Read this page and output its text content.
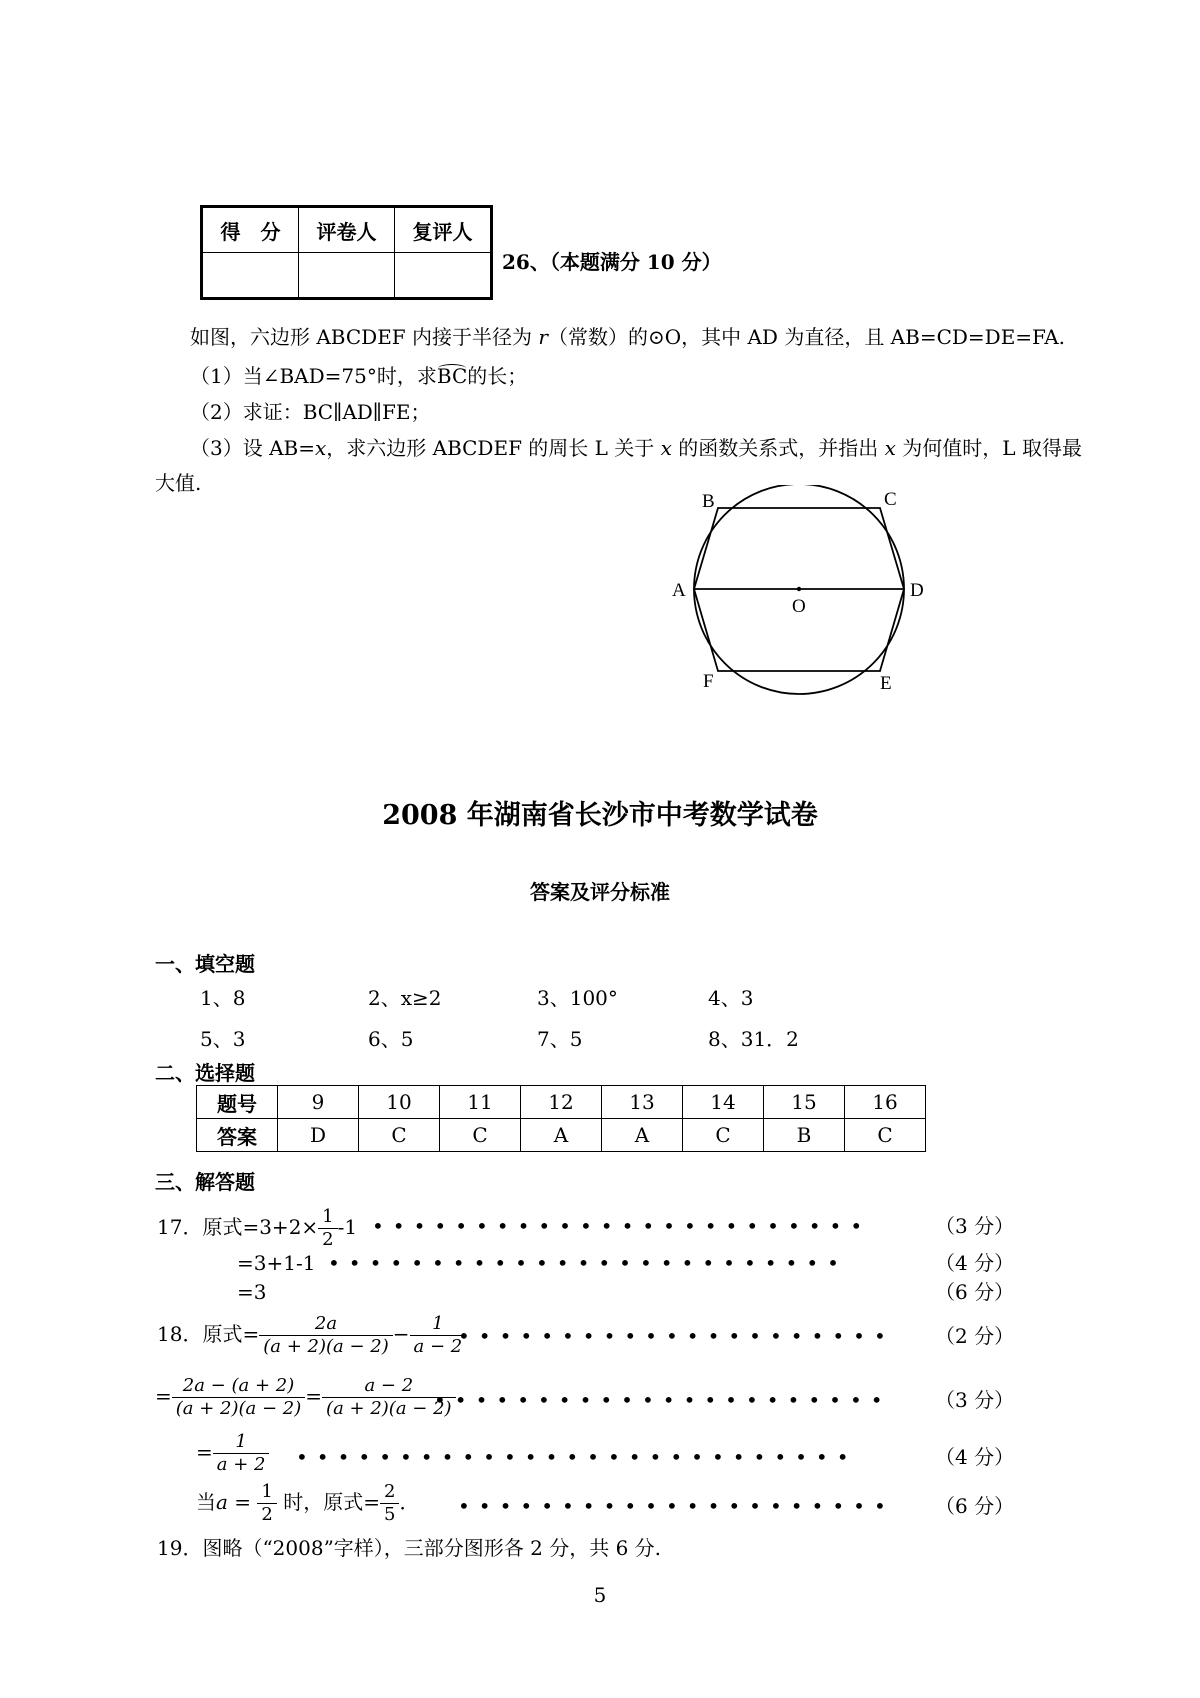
得　分	评卷人	复评人

26、（本题满分 10 分）
如图，六边形 ABCDEF 内接于半径为 r（常数）的⊙O，其中 AD 为直径，且 AB=CD=DE=FA.
（1）当∠BAD=75°时，求BC的长；
（2）求证：BC∥AD∥FE；
（3）设 AB=x，求六边形 ABCDEF 的周长 L 关于 x 的函数关系式，并指出 x 为何值时，L 取得最
大值.
B	C
A	D
O
F	E
2008 年湖南省长沙市中考数学试卷
答案及评分标准
一、填空题
1、8	2、x≥2	3、100°	4、3
5、3	6、5	7、5	8、31．2
二、选择题
题号	9	10	11	12	13	14	15	16
答案	D	C	C	A	A	C	B	C
三、解答题
17．原式$=3+2\times \frac{1}{2} -1$ ••••••••••••••••••••••••	（3 分）
=3+1-1 •••••••••••••••••••••••••	（4 分）
=3	（6 分）
18．原式= $\frac{2a}{(a + 2)(a - 2)} - \frac{1}{a - 2}$
••••••••••••••••••••• （2 分）
= $\frac{2a - (a + 2)}{(a + 2)(a - 2)} = \frac{a - 2}{(a + 2)(a - 2)}$
•••••••••••••••••••••• （3 分）
= $\frac{1}{a + 2}$ •••••••••••••••••••••••••••	（4 分）
当$a = \frac{1}{2}$ 时，原式= $\frac{2}{5}$ ． ••••••••••••••••••••• （6 分）
19．图略（“2008”字样），三部分图形各 2 分，共 6 分.
5
